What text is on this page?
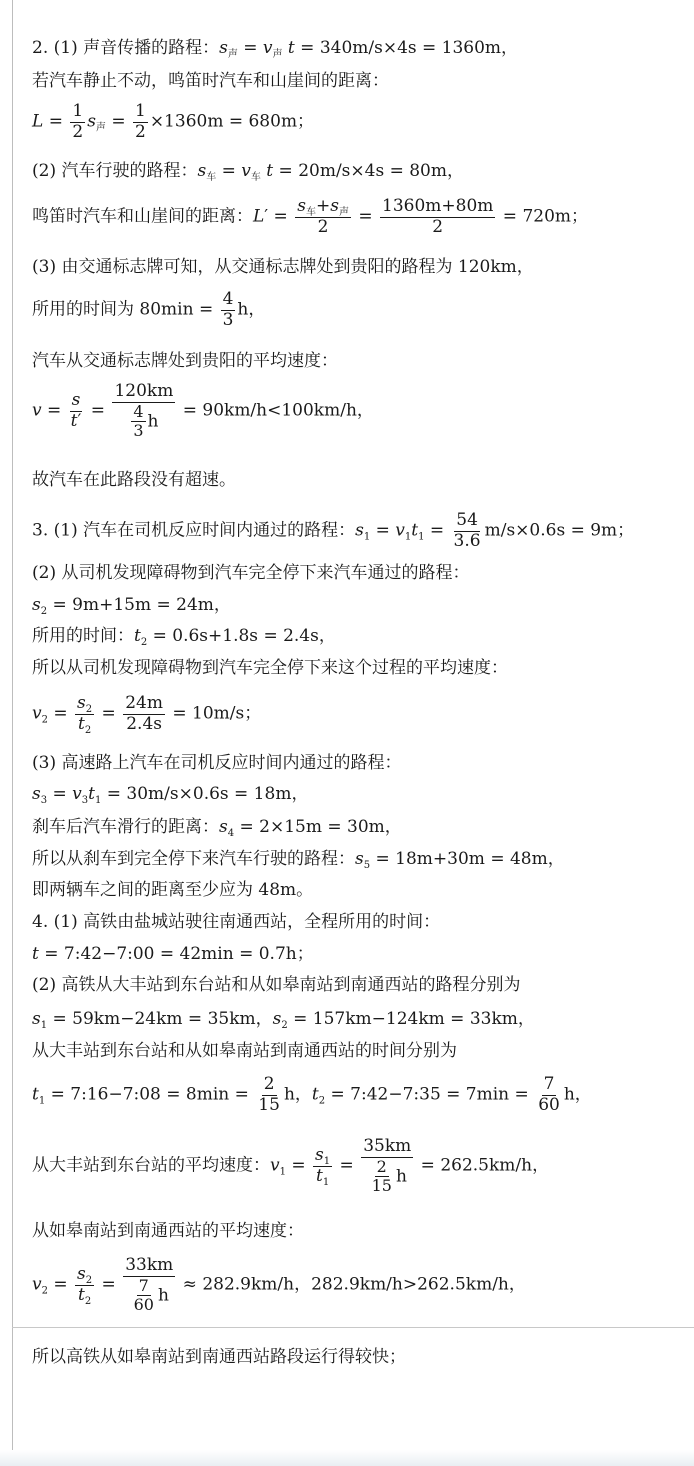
2. (1) 声音传播的路程：$s_声 = v_声$ t = 340m/s×4s = 1360m，
若汽车静止不动，鸣笛时汽车和山崖间的距离：
$L = \frac{1}{2} s_声 = \frac{1}{2} \times 1360m = 680m$；
(2) 汽车行驶的路程：$s_车 = v_车$ t = 20m/s×4s = 80m，
鸣笛时汽车和山崖间的距离：$L' = \frac{s_车+s_声}{2} = \frac{1360m+80m}{2} = 720m$；
(3) 由交通标志牌可知，从交通标志牌处到贵阳的路程为 120km，
所用的时间为 $80\min = \frac{4}{3}$ h，
汽车从交通标志牌处到贵阳的平均速度：
$v = \frac{s}{t'} = \frac{120km}{\frac{4}{3} h} = 90km/h<100km/h$，
故汽车在此路段没有超速。
3. (1) 汽车在司机反应时间内通过的路程：$s_1 = v_1t_1 = \frac{54}{3.6} m/s\times 0.6s = 9m$；
(2) 从司机发现障碍物到汽车完全停下来汽车通过的路程：
$s_2 = 9m+15m = 24m$，
所用的时间：$t_2 = 0.6s+1.8s = 2.4s$，
所以从司机发现障碍物到汽车完全停下来这个过程的平均速度：
$v_2 = \frac{s_2}{t_2} = \frac{24m}{2.4s} = 10m/s$；
(3) 高速路上汽车在司机反应时间内通过的路程：
$s_3 = v_3t_1 = 30m/s\times 0.6s = 18m$，
刹车后汽车滑行的距离：$s_4 = 2\times 15m = 30m$，
所以从刹车到完全停下来汽车行驶的路程：$s_5 = 18m+30m = 48m$，
即两辆车之间的距离至少应为 48m。
4. (1) 高铁由盐城站驶往南通西站，全程所用的时间：
t = 7:42−7:00 = 42min = 0.7h；
(2) 高铁从大丰站到东台站和从如皋南站到南通西站的路程分别为
$s_1 = 59km-24km = 35km$，$s_2 = 157km-124km = 33km$，
从大丰站到东台站和从如皋南站到南通西站的时间分别为
$t_1$ = 7:16−7:08 = $8\min = \frac{2}{15}$ h，$t_2$ = 7:42−7:35 = $7\min = \frac{7}{60}$ h，
从大丰站到东台站的平均速度：$v_1 = \frac{s_1}{t_1} = \frac{35km}{\frac{2}{15} h} = 262.5km/h$，
从如皋南站到南通西站的平均速度：
$v_2 = \frac{s_2}{t_2} = \frac{33km}{\frac{7}{60} h} \approx 282.9km/h$，282.9km/h>262.5km/h，
所以高铁从如皋南站到南通西站路段运行得较快；
